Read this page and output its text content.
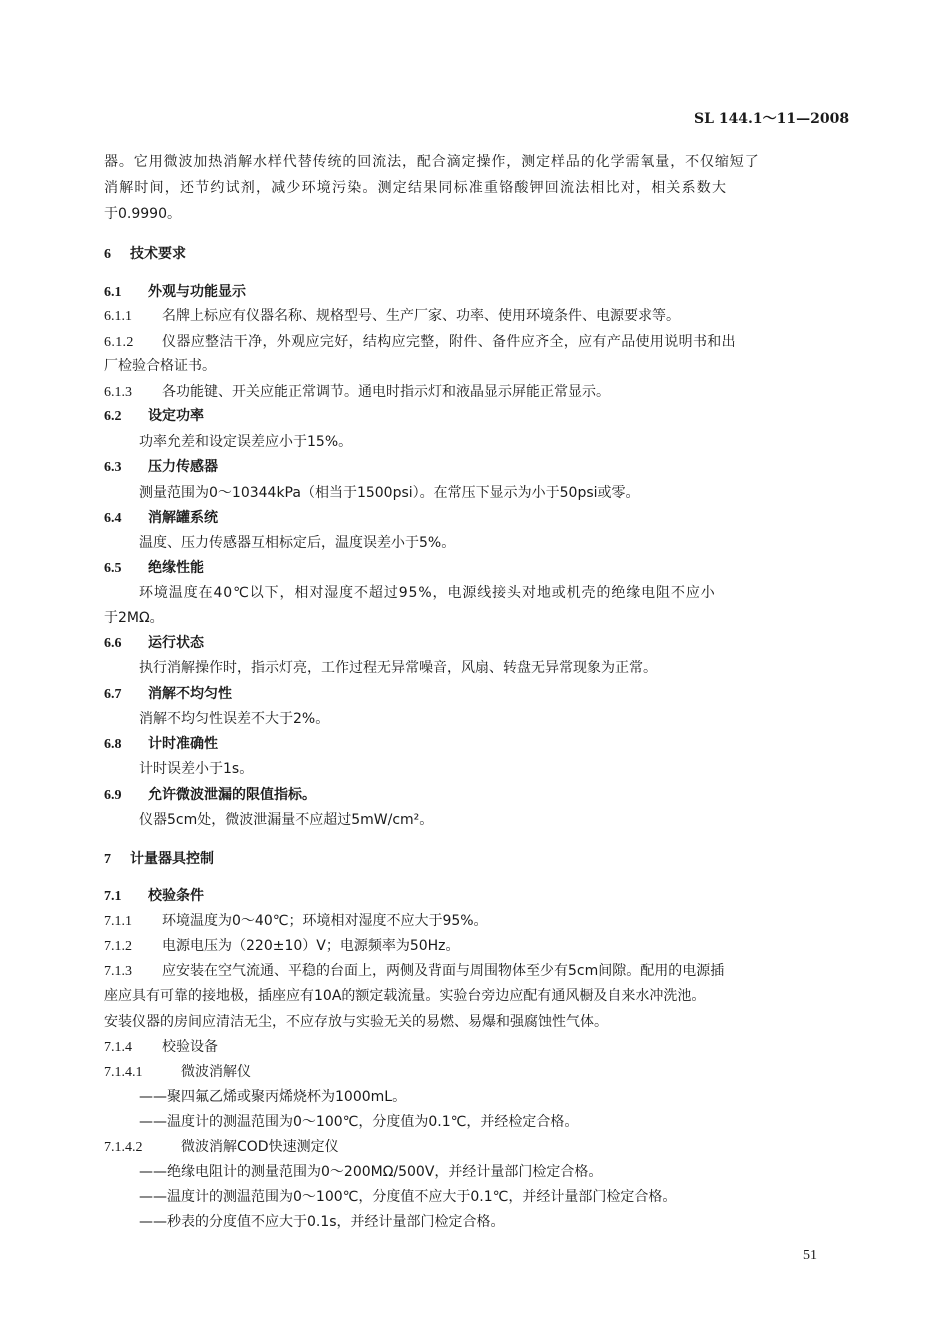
SL 144.1～11—2008
器。它用微波加热消解水样代替传统的回流法，配合滴定操作，测定样品的化学需氧量，不仅缩短了
消解时间，还节约试剂，减少环境污染。测定结果同标准重铬酸钾回流法相比对，相关系数大
于0.9990。
6 技术要求
6.1 外观与功能显示
6.1.1 名牌上标应有仪器名称、规格型号、生产厂家、功率、使用环境条件、电源要求等。
6.1.2 仪器应整洁干净，外观应完好，结构应完整，附件、备件应齐全，应有产品使用说明书和出
厂检验合格证书。
6.1.3 各功能键、开关应能正常调节。通电时指示灯和液晶显示屏能正常显示。
6.2 设定功率
功率允差和设定误差应小于15%。
6.3 压力传感器
测量范围为0～10344kPa（相当于1500psi）。在常压下显示为小于50psi或零。
6.4 消解罐系统
温度、压力传感器互相标定后，温度误差小于5%。
6.5 绝缘性能
环境温度在40℃以下，相对湿度不超过95%，电源线接头对地或机壳的绝缘电阻不应小
于2MΩ。
6.6 运行状态
执行消解操作时，指示灯亮，工作过程无异常噪音，风扇、转盘无异常现象为正常。
6.7 消解不均匀性
消解不均匀性误差不大于2%。
6.8 计时准确性
计时误差小于1s。
6.9 允许微波泄漏的限值指标。
仪器5cm处，微波泄漏量不应超过5mW/cm²。
7 计量器具控制
7.1 校验条件
7.1.1 环境温度为0～40℃；环境相对湿度不应大于95%。
7.1.2 电源电压为（220±10）V；电源频率为50Hz。
7.1.3 应安装在空气流通、平稳的台面上，两侧及背面与周围物体至少有5cm间隙。配用的电源插
座应具有可靠的接地极，插座应有10A的额定载流量。实验台旁边应配有通风橱及自来水冲洗池。
安装仪器的房间应清洁无尘，不应存放与实验无关的易燃、易爆和强腐蚀性气体。
7.1.4 校验设备
7.1.4.1	微波消解仪
——聚四氟乙烯或聚丙烯烧杯为1000mL。
——温度计的测温范围为0～100℃，分度值为0.1℃，并经检定合格。
7.1.4.2	微波消解COD快速测定仪
——绝缘电阻计的测量范围为0～200MΩ/500V，并经计量部门检定合格。
——温度计的测温范围为0～100℃，分度值不应大于0.1℃，并经计量部门检定合格。
——秒表的分度值不应大于0.1s，并经计量部门检定合格。
51
